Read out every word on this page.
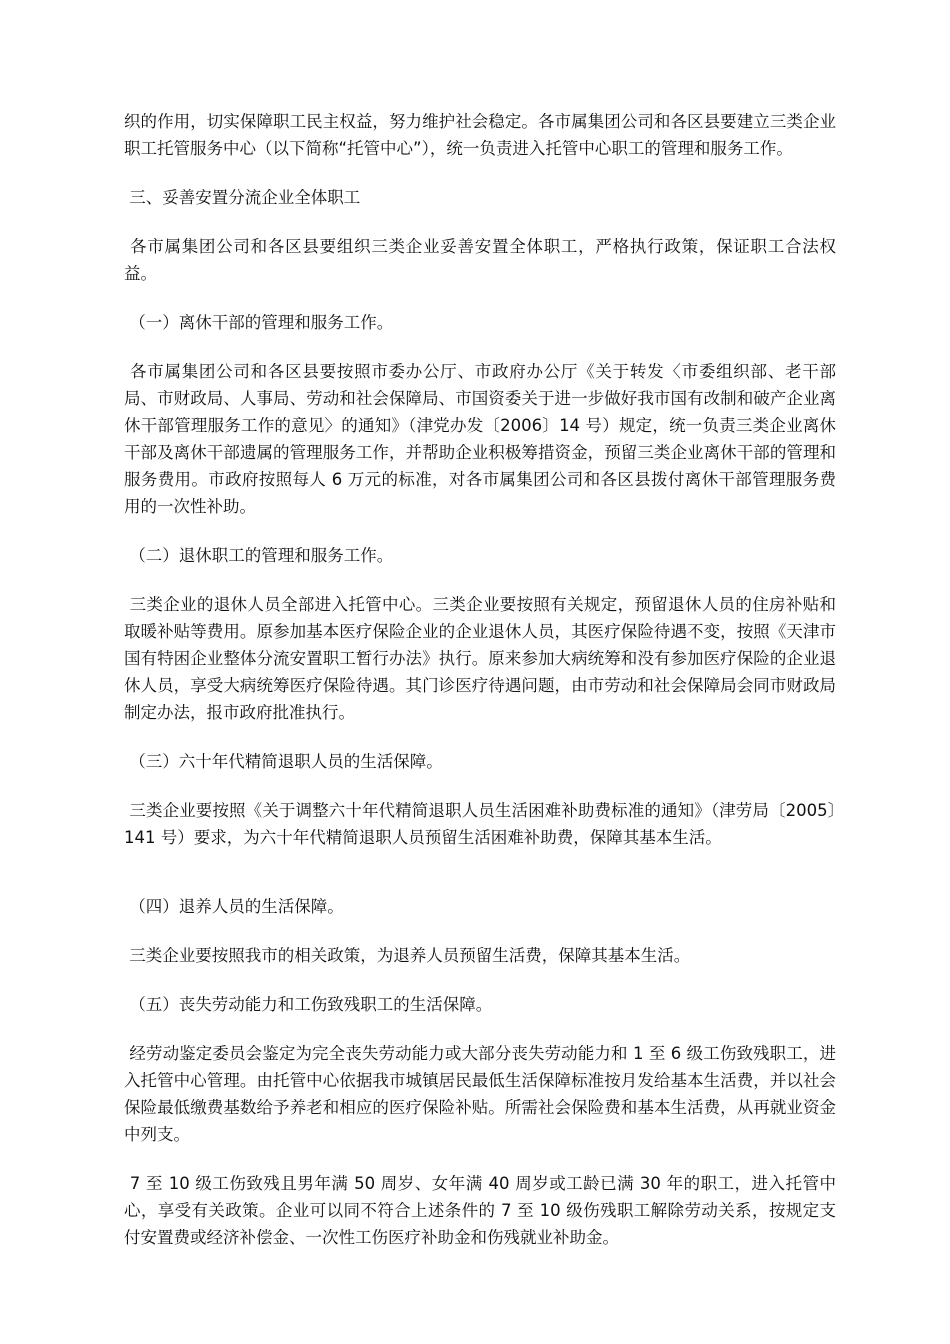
织的作用，切实保障职工民主权益，努力维护社会稳定。各市属集团公司和各区县要建立三类企业职工托管服务中心（以下简称“托管中心”），统一负责进入托管中心职工的管理和服务工作。

三、妥善安置分流企业全体职工

各市属集团公司和各区县要组织三类企业妥善安置全体职工，严格执行政策，保证职工合法权益。

（一）离休干部的管理和服务工作。

各市属集团公司和各区县要按照市委办公厅、市政府办公厅《关于转发〈市委组织部、老干部局、市财政局、人事局、劳动和社会保障局、市国资委关于进一步做好我市国有改制和破产企业离休干部管理服务工作的意见〉的通知》（津党办发〔2006〕14 号）规定，统一负责三类企业离休干部及离休干部遗属的管理服务工作，并帮助企业积极筹措资金，预留三类企业离休干部的管理和服务费用。市政府按照每人 6 万元的标准，对各市属集团公司和各区县拨付离休干部管理服务费用的一次性补助。

（二）退休职工的管理和服务工作。

三类企业的退休人员全部进入托管中心。三类企业要按照有关规定，预留退休人员的住房补贴和取暖补贴等费用。原参加基本医疗保险企业的企业退休人员，其医疗保险待遇不变，按照《天津市国有特困企业整体分流安置职工暂行办法》执行。原来参加大病统筹和没有参加医疗保险的企业退休人员，享受大病统筹医疗保险待遇。其门诊医疗待遇问题，由市劳动和社会保障局会同市财政局制定办法，报市政府批准执行。

（三）六十年代精简退职人员的生活保障。

三类企业要按照《关于调整六十年代精简退职人员生活困难补助费标准的通知》（津劳局〔2005〕141 号）要求，为六十年代精简退职人员预留生活困难补助费，保障其基本生活。

（四）退养人员的生活保障。

三类企业要按照我市的相关政策，为退养人员预留生活费，保障其基本生活。

（五）丧失劳动能力和工伤致残职工的生活保障。

经劳动鉴定委员会鉴定为完全丧失劳动能力或大部分丧失劳动能力和 1 至 6 级工伤致残职工，进入托管中心管理。由托管中心依据我市城镇居民最低生活保障标准按月发给基本生活费，并以社会保险最低缴费基数给予养老和相应的医疗保险补贴。所需社会保险费和基本生活费，从再就业资金中列支。

7 至 10 级工伤致残且男年满 50 周岁、女年满 40 周岁或工龄已满 30 年的职工，进入托管中心，享受有关政策。企业可以同不符合上述条件的 7 至 10 级伤残职工解除劳动关系，按规定支付安置费或经济补偿金、一次性工伤医疗补助金和伤残就业补助金。
